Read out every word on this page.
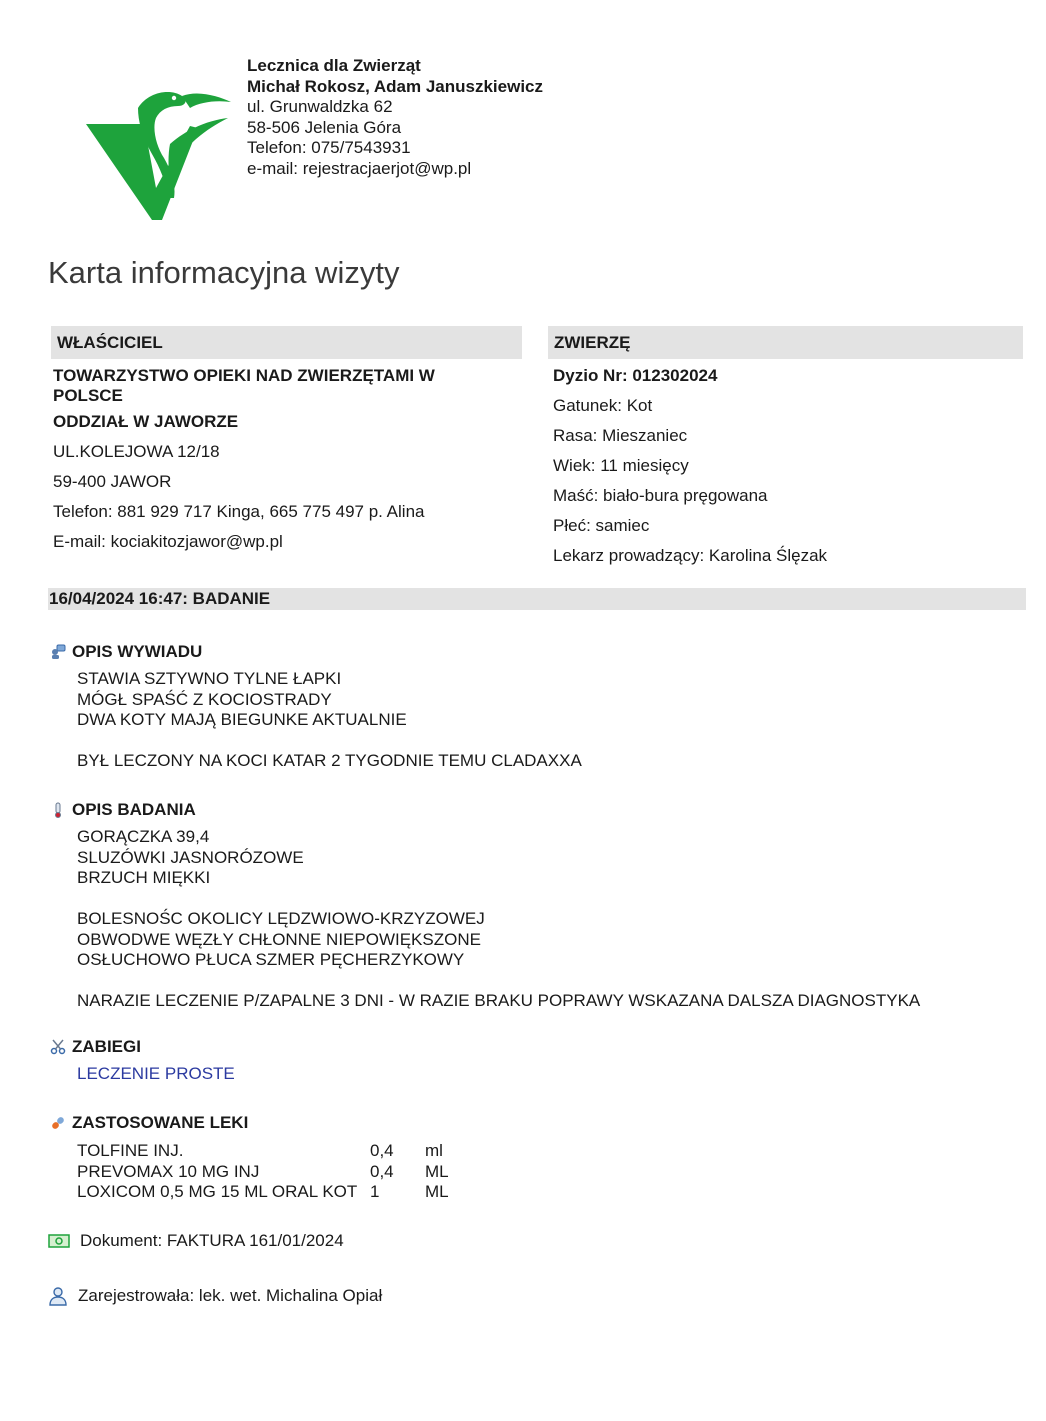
Lecznica dla Zwierząt
Michał Rokosz, Adam Januszkiewicz
ul. Grunwaldzka 62
58-506 Jelenia Góra
Telefon: 075/7543931
e-mail: rejestracjaerjot@wp.pl
Karta informacyjna wizyty
WŁAŚCICIEL
TOWARZYSTWO OPIEKI NAD ZWIERZĘTAMI W
POLSCE
ODDZIAŁ W JAWORZE
UL.KOLEJOWA 12/18
59-400 JAWOR
Telefon: 881 929 717 Kinga, 665 775 497 p. Alina
E-mail: kociakitozjawor@wp.pl
ZWIERZĘ
Dyzio Nr: 012302024
Gatunek: Kot
Rasa: Mieszaniec
Wiek: 11 miesięcy
Maść: biało-bura pręgowana
Płeć: samiec
Lekarz prowadzący: Karolina Ślęzak
16/04/2024 16:47: BADANIE
OPIS WYWIADU
STAWIA SZTYWNO TYLNE ŁAPKI
MÓGŁ SPAŚĆ Z KOCIOSTRADY
DWA KOTY MAJĄ BIEGUNKE AKTUALNIE
BYŁ LECZONY NA KOCI KATAR 2 TYGODNIE TEMU CLADAXXA
OPIS BADANIA
GORĄCZKA 39,4
SLUZÓWKI JASNORÓZOWE
BRZUCH MIĘKKI
BOLESNOŚC OKOLICY LĘDZWIOWO-KRZYZOWEJ
OBWODWE WĘZŁY CHŁONNE NIEPOWIĘKSZONE
OSŁUCHOWO PŁUCA SZMER PĘCHERZYKOWY
NARAZIE LECZENIE P/ZAPALNE 3 DNI - W RAZIE BRAKU POPRAWY WSKAZANA DALSZA DIAGNOSTYKA
ZABIEGI
LECZENIE PROSTE
ZASTOSOWANE LEKI
TOLFINE INJ.	0,4	ml
PREVOMAX 10 MG INJ	0,4	ML
LOXICOM 0,5 MG 15 ML ORAL KOT 1	ML
Dokument: FAKTURA 161/01/2024
Zarejestrowała: lek. wet. Michalina Opiał
